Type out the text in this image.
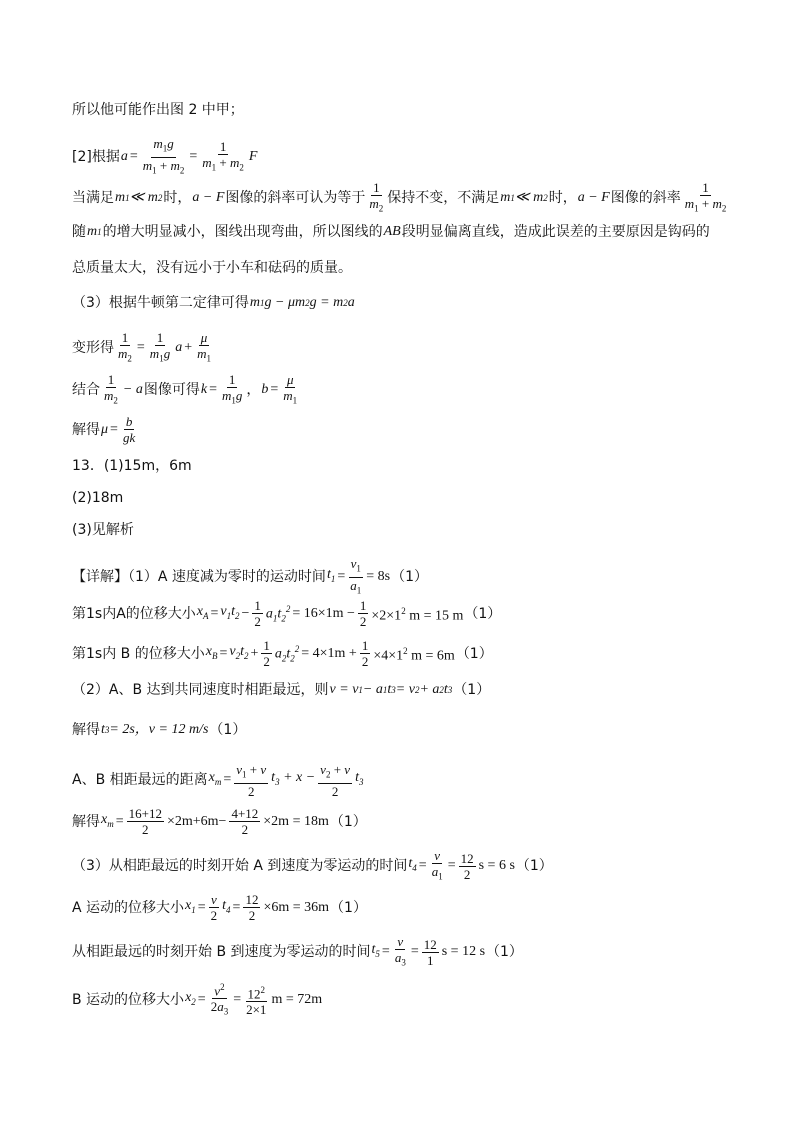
所以他可能作出图 2 中甲；
[2]根据 $a = \frac{m_1g}{m_1 + m_2} = \frac{1}{m_1 + m_2}$ F
当满足 m 1 ≪ m 2 时， a − F 图像的斜率可认为等于 $\frac{1}{m_2}$ 保持不变，不满足 m 1 ≪ m 2 时， a − F 图像的斜率 $\frac{1}{m_1 + m_2}$
随 m 1 的增大明显减小，图线出现弯曲，所以图线的 AB 段明显偏离直线，造成此误差的主要原因是钩码的
总质量太大，没有远小于小车和砝码的质量。
（3）根据牛顿第二定律可得 m 1 g − μm 2 g = m 2 a
变形得 $\frac{1}{m_2} = \frac{1}{m_1g}$ $a + \frac{\mu}{m_1}$
结合 $\frac{1}{m_2} - a$ 图像可得 $k = \frac{1}{m_1g}$ ， $b = \frac{\mu}{m_1}$
解得 $\mu = \frac{b}{gk}$
13．(1)15m，6m
(2)18m
(3)见解析
【详解】（1）A 速度减为零时的运动时间 $t_1 = \frac{v_1}{a_1} = 8s$ （1）
第1s内A的位移大小 $x_A = v_1t_2 - \frac{1}{2} a_1t_2^2 = 16\times 1m - \frac{1}{2} \times 2\times 1^2$ m = 15 m （1）
第1s内 B 的位移大小 $x_B = v_2t_2 + \frac{1}{2} a_2t_2^2 = 4\times 1m + \frac{1}{2} \times 4\times 1^2$ m = 6m （1）
（2）A、B 达到共同速度时相距最远，则 v = v 1 − a 1 t 3 = v 2 + a 2 t 3 （1）
解得 t 3 = 2s，v = 12 m/s （1）
A、B 相距最远的距离 $x_m = \frac{v_1 + v}{2} t_3 + x - \frac{v_2 + v}{2} t_3$
解得 $x_m = \frac{16+12}{2} \times 2m+6m- \frac{4+12}{2} \times 2m = 18m$ （1）
（3）从相距最远的时刻开始 A 到速度为零运动的时间 $t_4 = \frac{v}{a_1} = \frac{12}{2}$ s = 6 s （1）
A 运动的位移大小 $x_1 = \frac{v}{2} t_4 = \frac{12}{2} \times 6m = 36m$ （1）
从相距最远的时刻开始 B 到速度为零运动的时间 $t_5 = \frac{v}{a_3} = \frac{12}{1}$ s = 12 s （1）
B 运动的位移大小 $x_2 = \frac{v^2}{2a_3} = \frac{12^2}{2\times 1}$ m = 72m
